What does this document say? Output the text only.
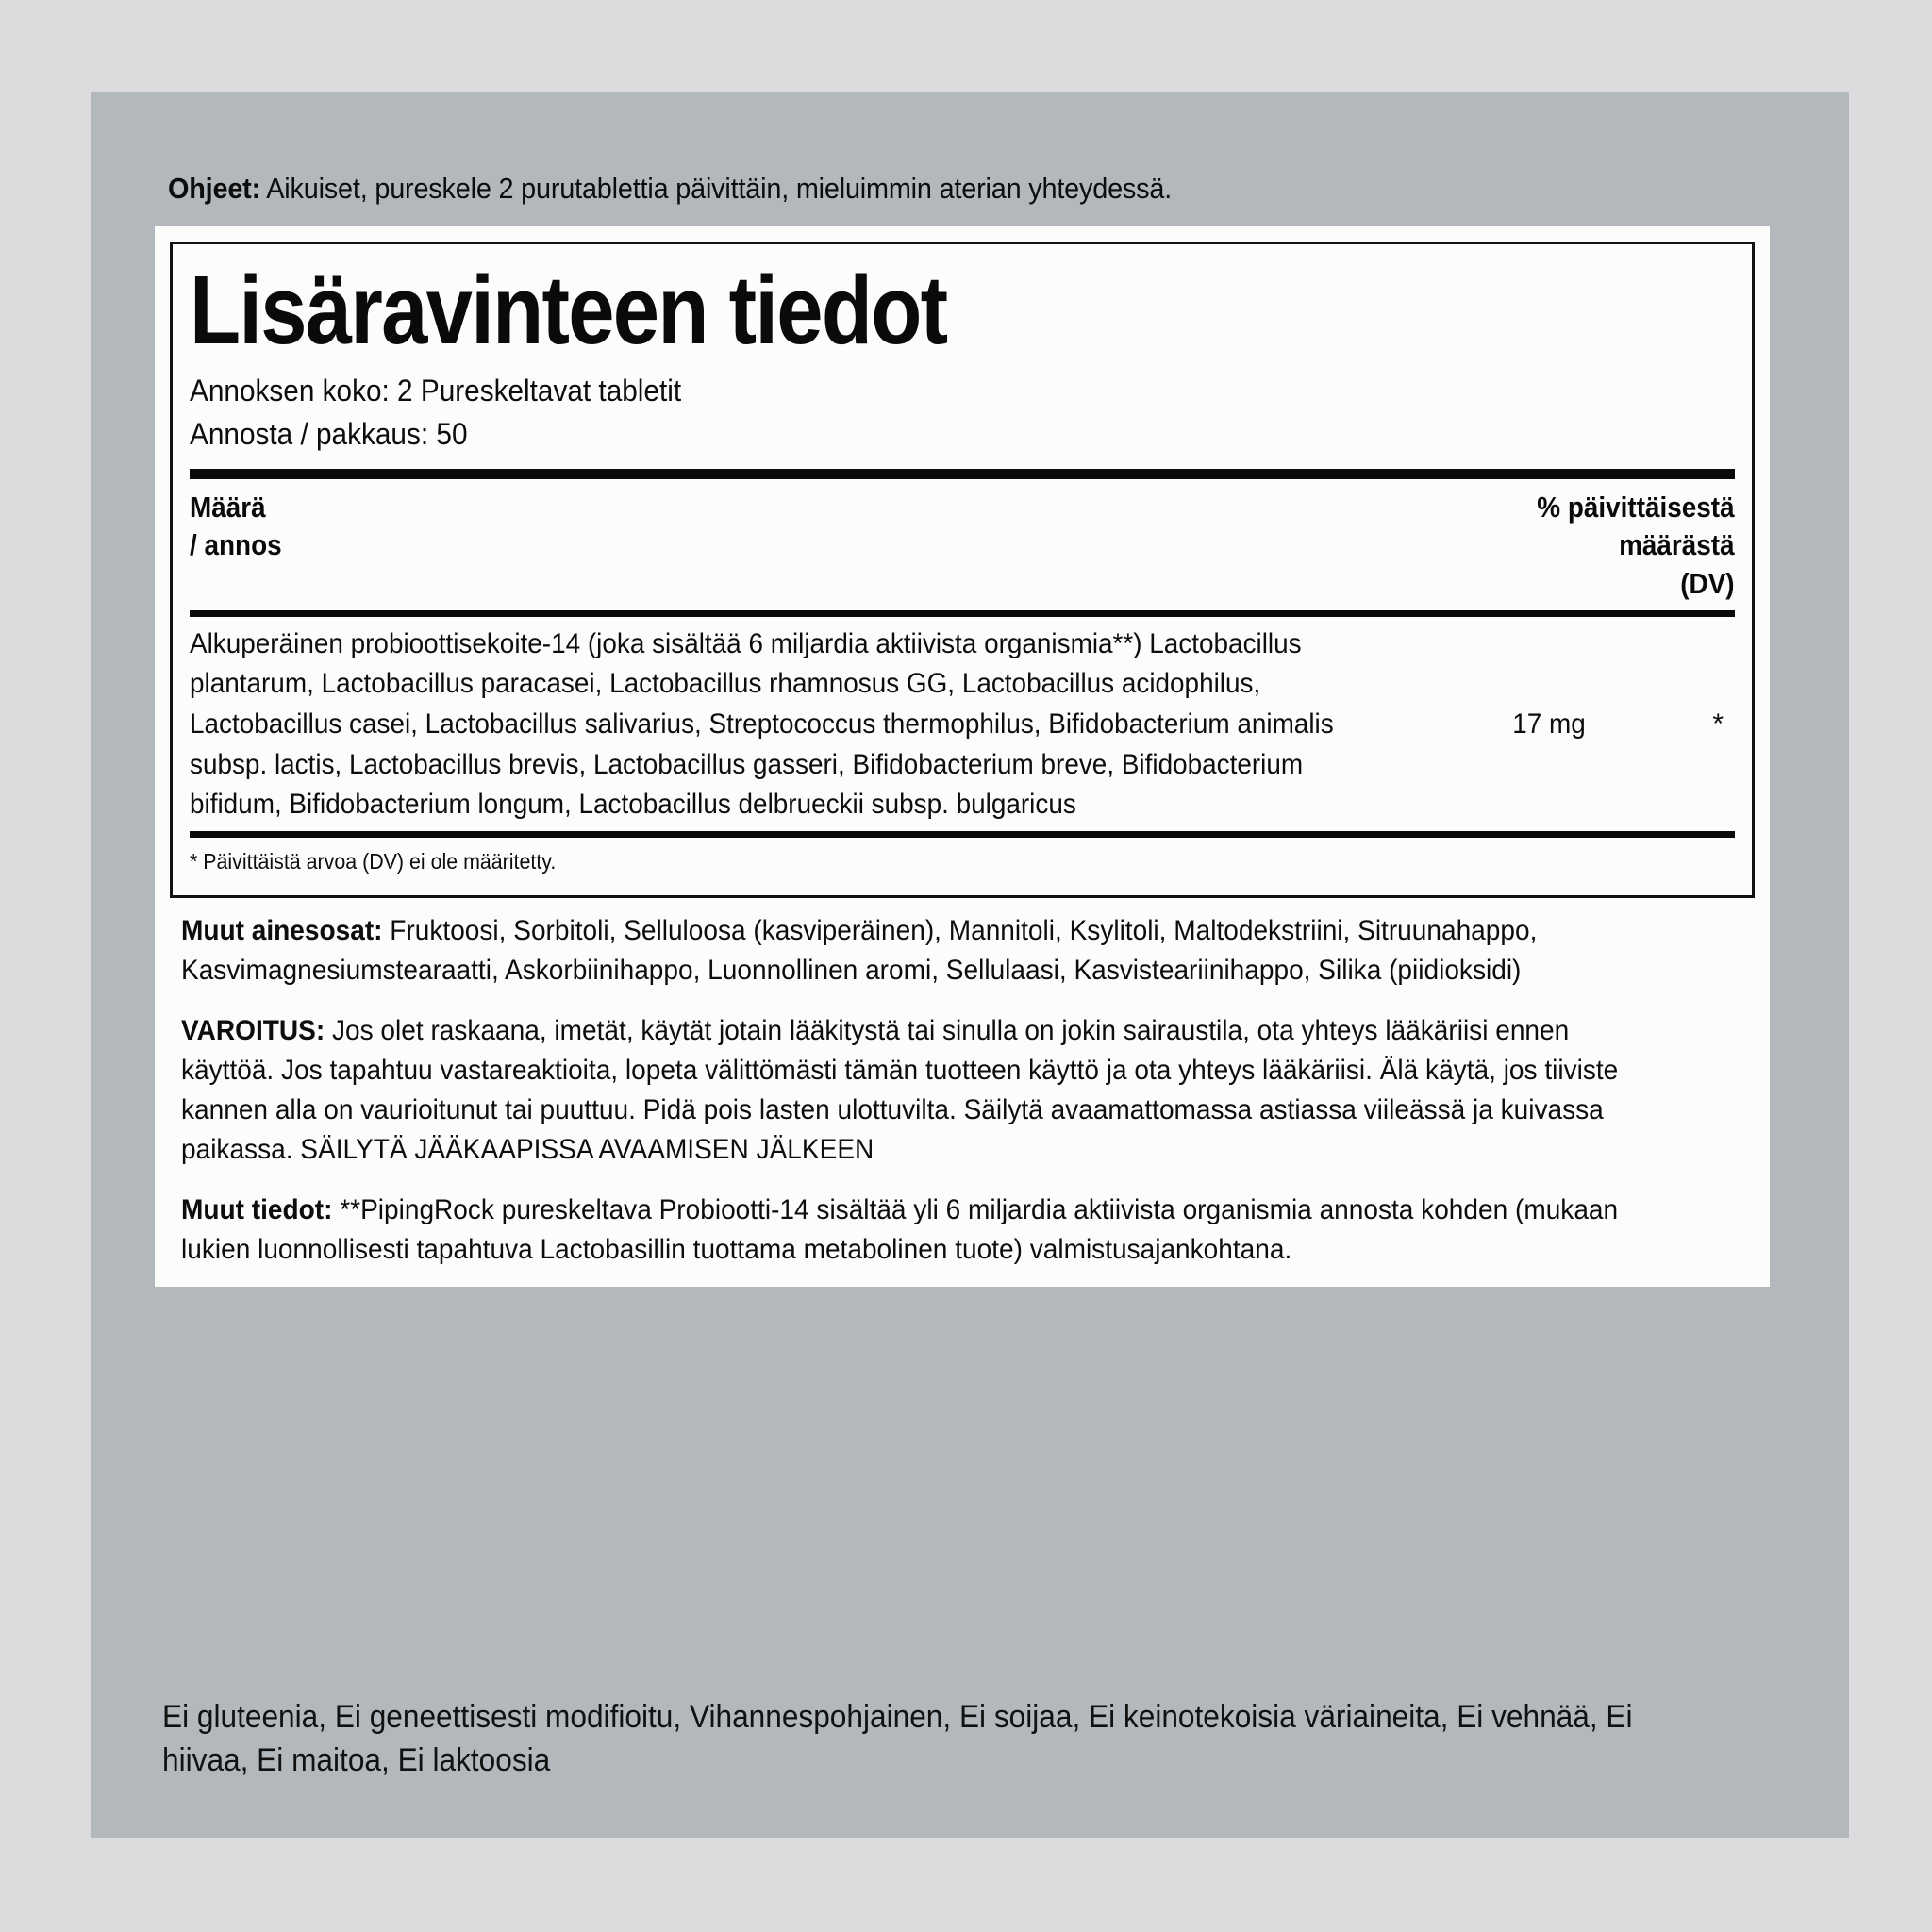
Ohjeet: Aikuiset, pureskele 2 purutablettia päivittäin, mieluimmin aterian yhteydessä.
Lisäravinteen tiedot
Annoksen koko: 2 Pureskeltavat tabletit
Annosta / pakkaus: 50
Määrä
/ annos
% päivittäisestä
määrästä
(DV)
Alkuperäinen probioottisekoite-14 (joka sisältää 6 miljardia aktiivista organismia**) Lactobacillus plantarum, Lactobacillus paracasei, Lactobacillus rhamnosus GG, Lactobacillus acidophilus, Lactobacillus casei, Lactobacillus salivarius, Streptococcus thermophilus, Bifidobacterium animalis subsp. lactis, Lactobacillus brevis, Lactobacillus gasseri, Bifidobacterium breve, Bifidobacterium bifidum, Bifidobacterium longum, Lactobacillus delbrueckii subsp. bulgaricus
17 mg	*
* Päivittäistä arvoa (DV) ei ole määritetty.

Muut ainesosat: Fruktoosi, Sorbitoli, Selluloosa (kasviperäinen), Mannitoli, Ksylitoli, Maltodekstriini, Sitruunahappo, Kasvimagnesiumstearaatti, Askorbiinihappo, Luonnollinen aromi, Sellulaasi, Kasvisteariinihappo, Silika (piidioksidi)

VAROITUS: Jos olet raskaana, imetät, käytät jotain lääkitystä tai sinulla on jokin sairaustila, ota yhteys lääkäriisi ennen käyttöä. Jos tapahtuu vastareaktioita, lopeta välittömästi tämän tuotteen käyttö ja ota yhteys lääkäriisi. Älä käytä, jos tiiviste kannen alla on vaurioitunut tai puuttuu. Pidä pois lasten ulottuvilta. Säilytä avaamattomassa astiassa viileässä ja kuivassa paikassa. SÄILYTÄ JÄÄKAAPISSA AVAAMISEN JÄLKEEN

Muut tiedot: **PipingRock pureskeltava Probiootti-14 sisältää yli 6 miljardia aktiivista organismia annosta kohden (mukaan lukien luonnollisesti tapahtuva Lactobasillin tuottama metabolinen tuote) valmistusajankohtana.

Ei gluteenia, Ei geneettisesti modifioitu, Vihannespohjainen, Ei soijaa, Ei keinotekoisia väriaineita, Ei vehnää, Ei hiivaa, Ei maitoa, Ei laktoosia
